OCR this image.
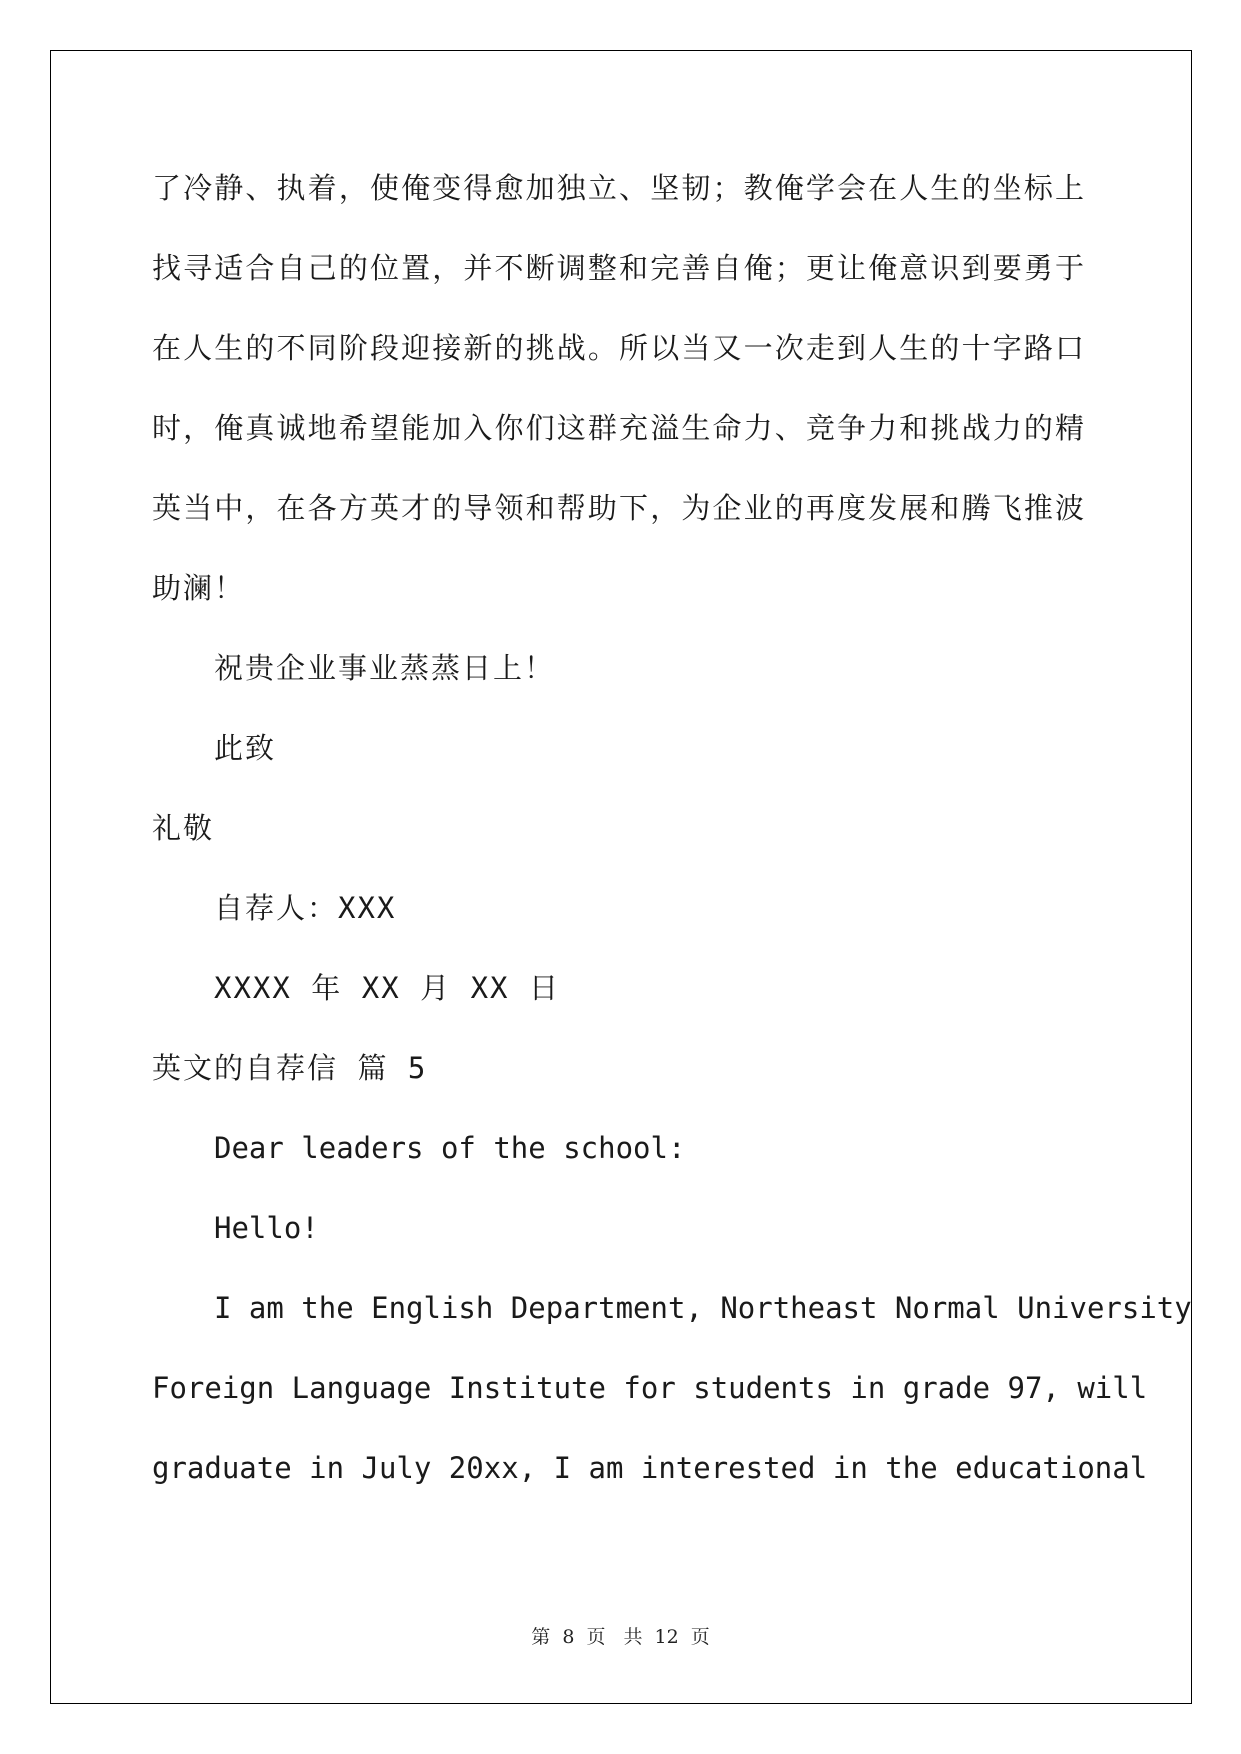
了冷静、执着，使俺变得愈加独立、坚韧；教俺学会在人生的坐标上
找寻适合自己的位置，并不断调整和完善自俺；更让俺意识到要勇于
在人生的不同阶段迎接新的挑战。所以当又一次走到人生的十字路口
时，俺真诚地希望能加入你们这群充溢生命力、竞争力和挑战力的精
英当中，在各方英才的导领和帮助下，为企业的再度发展和腾飞推波
助澜！
祝贵企业事业蒸蒸日上！
此致
礼敬
自荐人：XXX
XXXX 年 XX 月 XX 日
英文的自荐信 篇 5
Dear leaders of the school:
Hello!
I am the English Department, Northeast Normal University
Foreign Language Institute for students in grade 97, will
graduate in July 20xx, I am interested in the educational
第 8 页 共 12 页
